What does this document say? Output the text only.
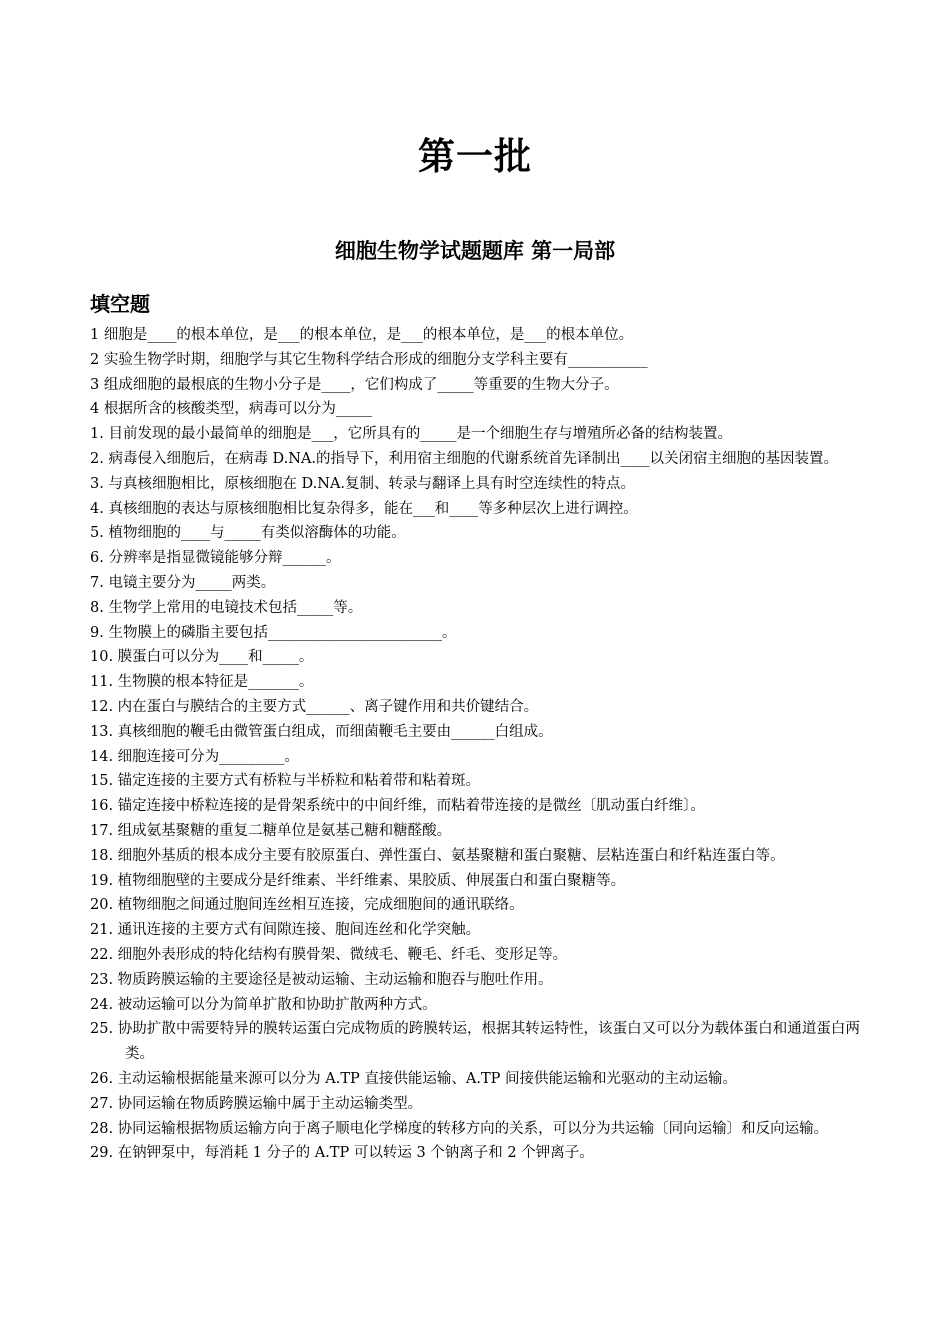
第一批
细胞生物学试题题库 第一局部
填空题
1 细胞是____的根本单位，是___的根本单位，是___的根本单位，是___的根本单位。
2 实验生物学时期，细胞学与其它生物科学结合形成的细胞分支学科主要有___________
3 组成细胞的最根底的生物小分子是____，它们构成了_____等重要的生物大分子。
4 根据所含的核酸类型，病毒可以分为_____
1. 目前发现的最小最简单的细胞是___，它所具有的_____是一个细胞生存与增殖所必备的结构装置。
2. 病毒侵入细胞后，在病毒 D.NA.的指导下，利用宿主细胞的代谢系统首先译制出____以关闭宿主细胞的基因装置。
3. 与真核细胞相比，原核细胞在 D.NA.复制、转录与翻译上具有时空连续性的特点。
4. 真核细胞的表达与原核细胞相比复杂得多，能在___和____等多种层次上进行调控。
5. 植物细胞的____与_____有类似溶酶体的功能。
6. 分辨率是指显微镜能够分辩______。
7. 电镜主要分为_____两类。
8. 生物学上常用的电镜技术包括_____等。
9. 生物膜上的磷脂主要包括________________________。
10. 膜蛋白可以分为____和_____。
11. 生物膜的根本特征是_______。
12. 内在蛋白与膜结合的主要方式______、离子键作用和共价键结合。
13. 真核细胞的鞭毛由微管蛋白组成，而细菌鞭毛主要由______白组成。
14. 细胞连接可分为_________。
15. 锚定连接的主要方式有桥粒与半桥粒和粘着带和粘着斑。
16. 锚定连接中桥粒连接的是骨架系统中的中间纤维，而粘着带连接的是微丝〔肌动蛋白纤维〕。
17. 组成氨基聚糖的重复二糖单位是氨基己糖和糖醛酸。
18. 细胞外基质的根本成分主要有胶原蛋白、弹性蛋白、氨基聚糖和蛋白聚糖、层粘连蛋白和纤粘连蛋白等。
19. 植物细胞壁的主要成分是纤维素、半纤维素、果胶质、伸展蛋白和蛋白聚糖等。
20. 植物细胞之间通过胞间连丝相互连接，完成细胞间的通讯联络。
21. 通讯连接的主要方式有间隙连接、胞间连丝和化学突触。
22. 细胞外表形成的特化结构有膜骨架、微绒毛、鞭毛、纤毛、变形足等。
23. 物质跨膜运输的主要途径是被动运输、主动运输和胞吞与胞吐作用。
24. 被动运输可以分为简单扩散和协助扩散两种方式。
25. 协助扩散中需要特异的膜转运蛋白完成物质的跨膜转运，根据其转运特性，该蛋白又可以分为载体蛋白和通道蛋白两类。
26. 主动运输根据能量来源可以分为 A.TP 直接供能运输、A.TP 间接供能运输和光驱动的主动运输。
27. 协同运输在物质跨膜运输中属于主动运输类型。
28. 协同运输根据物质运输方向于离子顺电化学梯度的转移方向的关系，可以分为共运输〔同向运输〕和反向运输。
29. 在钠钾泵中，每消耗 1 分子的 A.TP 可以转运 3 个钠离子和 2 个钾离子。
